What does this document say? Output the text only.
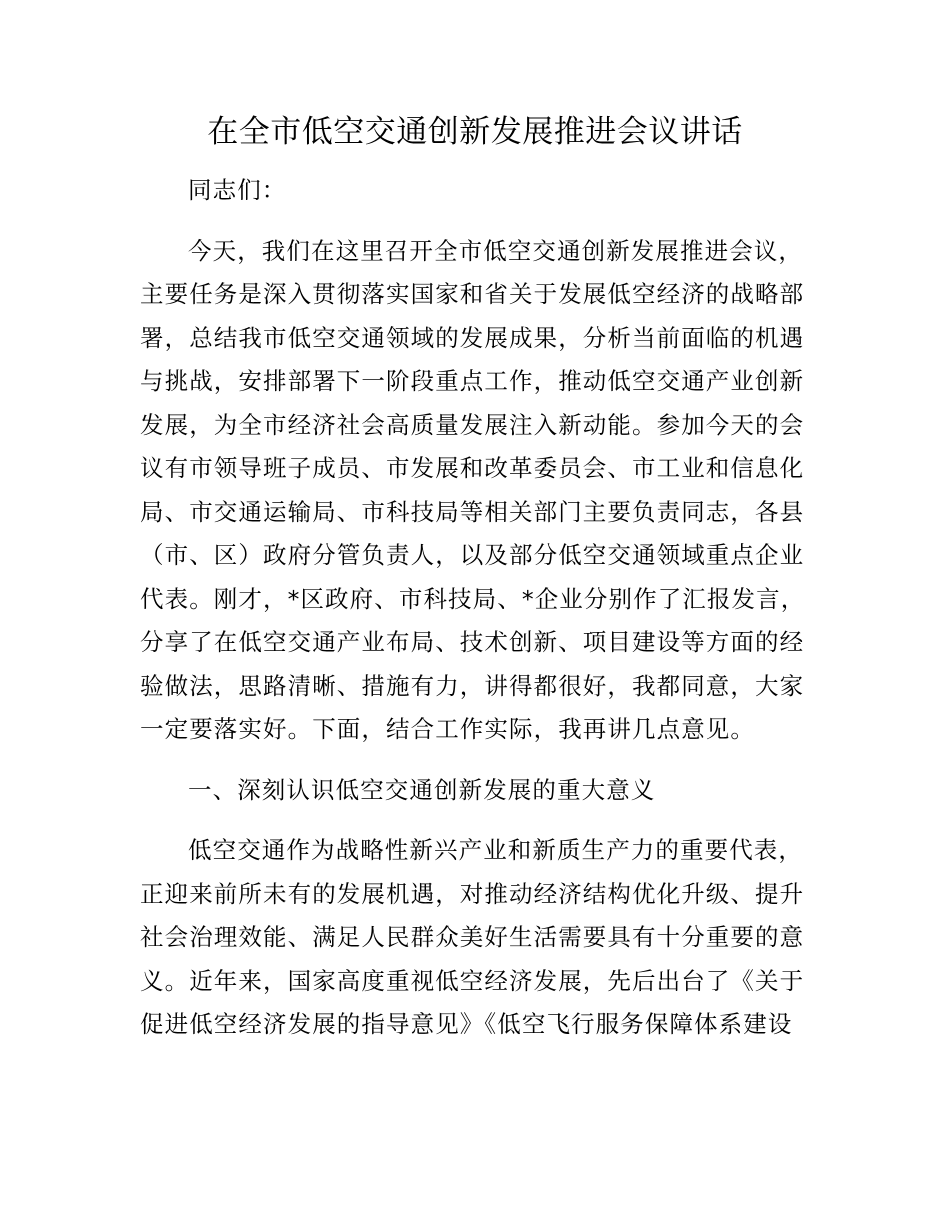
在全市低空交通创新发展推进会议讲话

同志们：

今天，我们在这里召开全市低空交通创新发展推进会议，

主要任务是深入贯彻落实国家和省关于发展低空经济的战略部

署，总结我市低空交通领域的发展成果，分析当前面临的机遇

与挑战，安排部署下一阶段重点工作，推动低空交通产业创新

发展，为全市经济社会高质量发展注入新动能。参加今天的会

议有市领导班子成员、市发展和改革委员会、市工业和信息化

局、市交通运输局、市科技局等相关部门主要负责同志，各县

（市、区）政府分管负责人，以及部分低空交通领域重点企业

代表。刚才，*区政府、市科技局、*企业分别作了汇报发言，

分享了在低空交通产业布局、技术创新、项目建设等方面的经

验做法，思路清晰、措施有力，讲得都很好，我都同意，大家

一定要落实好。下面，结合工作实际，我再讲几点意见。

一、深刻认识低空交通创新发展的重大意义

低空交通作为战略性新兴产业和新质生产力的重要代表，

正迎来前所未有的发展机遇，对推动经济结构优化升级、提升

社会治理效能、满足人民群众美好生活需要具有十分重要的意

义。近年来，国家高度重视低空经济发展，先后出台了《关于

促进低空经济发展的指导意见》《低空飞行服务保障体系建设
